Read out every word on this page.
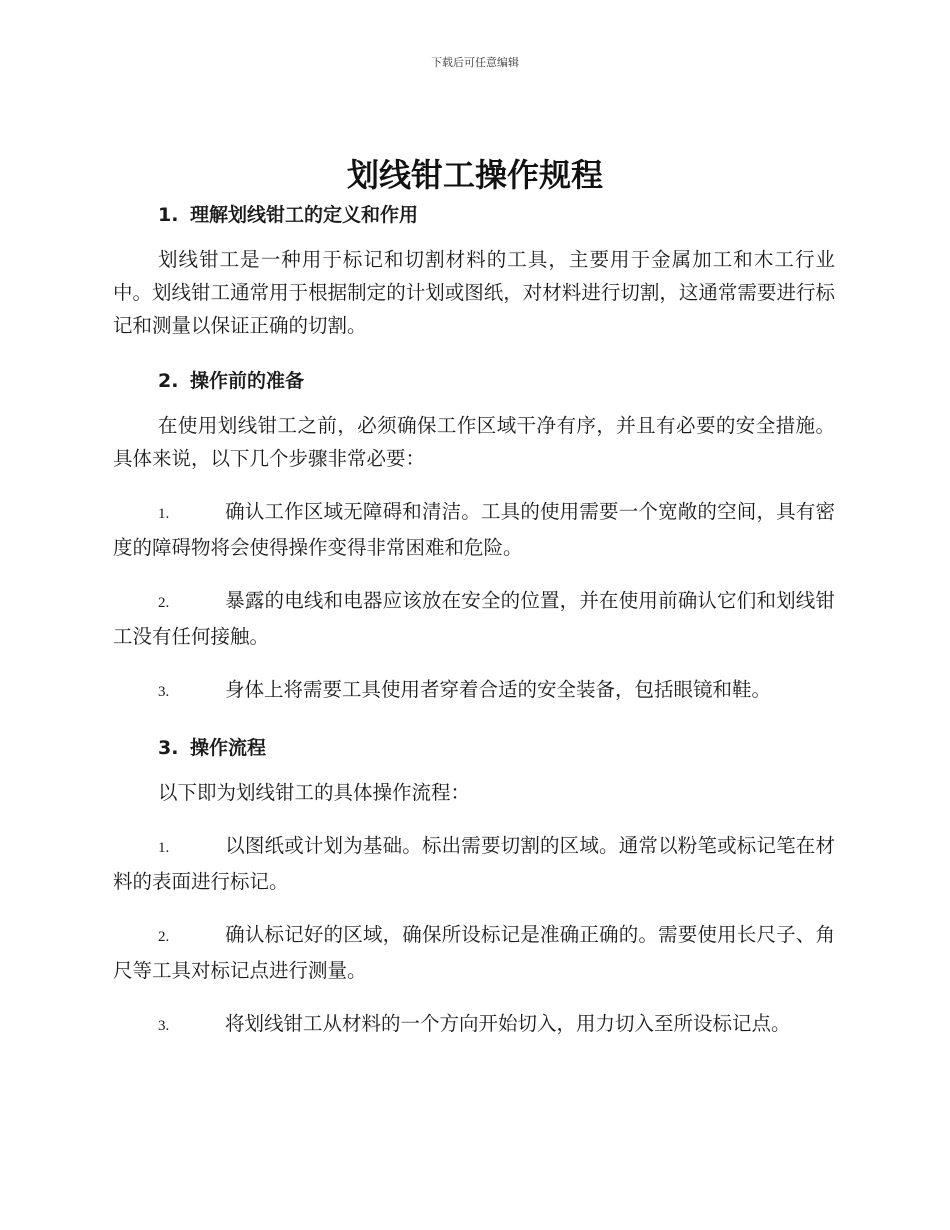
下载后可任意编辑
划线钳工操作规程
1. 理解划线钳工的定义和作用

划线钳工是一种用于标记和切割材料的工具，主要用于金属加工和木工行业中。划线钳工通常用于根据制定的计划或图纸，对材料进行切割，这通常需要进行标记和测量以保证正确的切割。

2. 操作前的准备

在使用划线钳工之前，必须确保工作区域干净有序，并且有必要的安全措施。具体来说，以下几个步骤非常必要：

1.	确认工作区域无障碍和清洁。工具的使用需要一个宽敞的空间，具有密度的障碍物将会使得操作变得非常困难和危险。
2.	暴露的电线和电器应该放在安全的位置，并在使用前确认它们和划线钳工没有任何接触。
3.	身体上将需要工具使用者穿着合适的安全装备，包括眼镜和鞋。
3. 操作流程

以下即为划线钳工的具体操作流程：

1.	以图纸或计划为基础。标出需要切割的区域。通常以粉笔或标记笔在材料的表面进行标记。
2.	确认标记好的区域，确保所设标记是准确正确的。需要使用长尺子、角尺等工具对标记点进行测量。
3.	将划线钳工从材料的一个方向开始切入，用力切入至所设标记点。
